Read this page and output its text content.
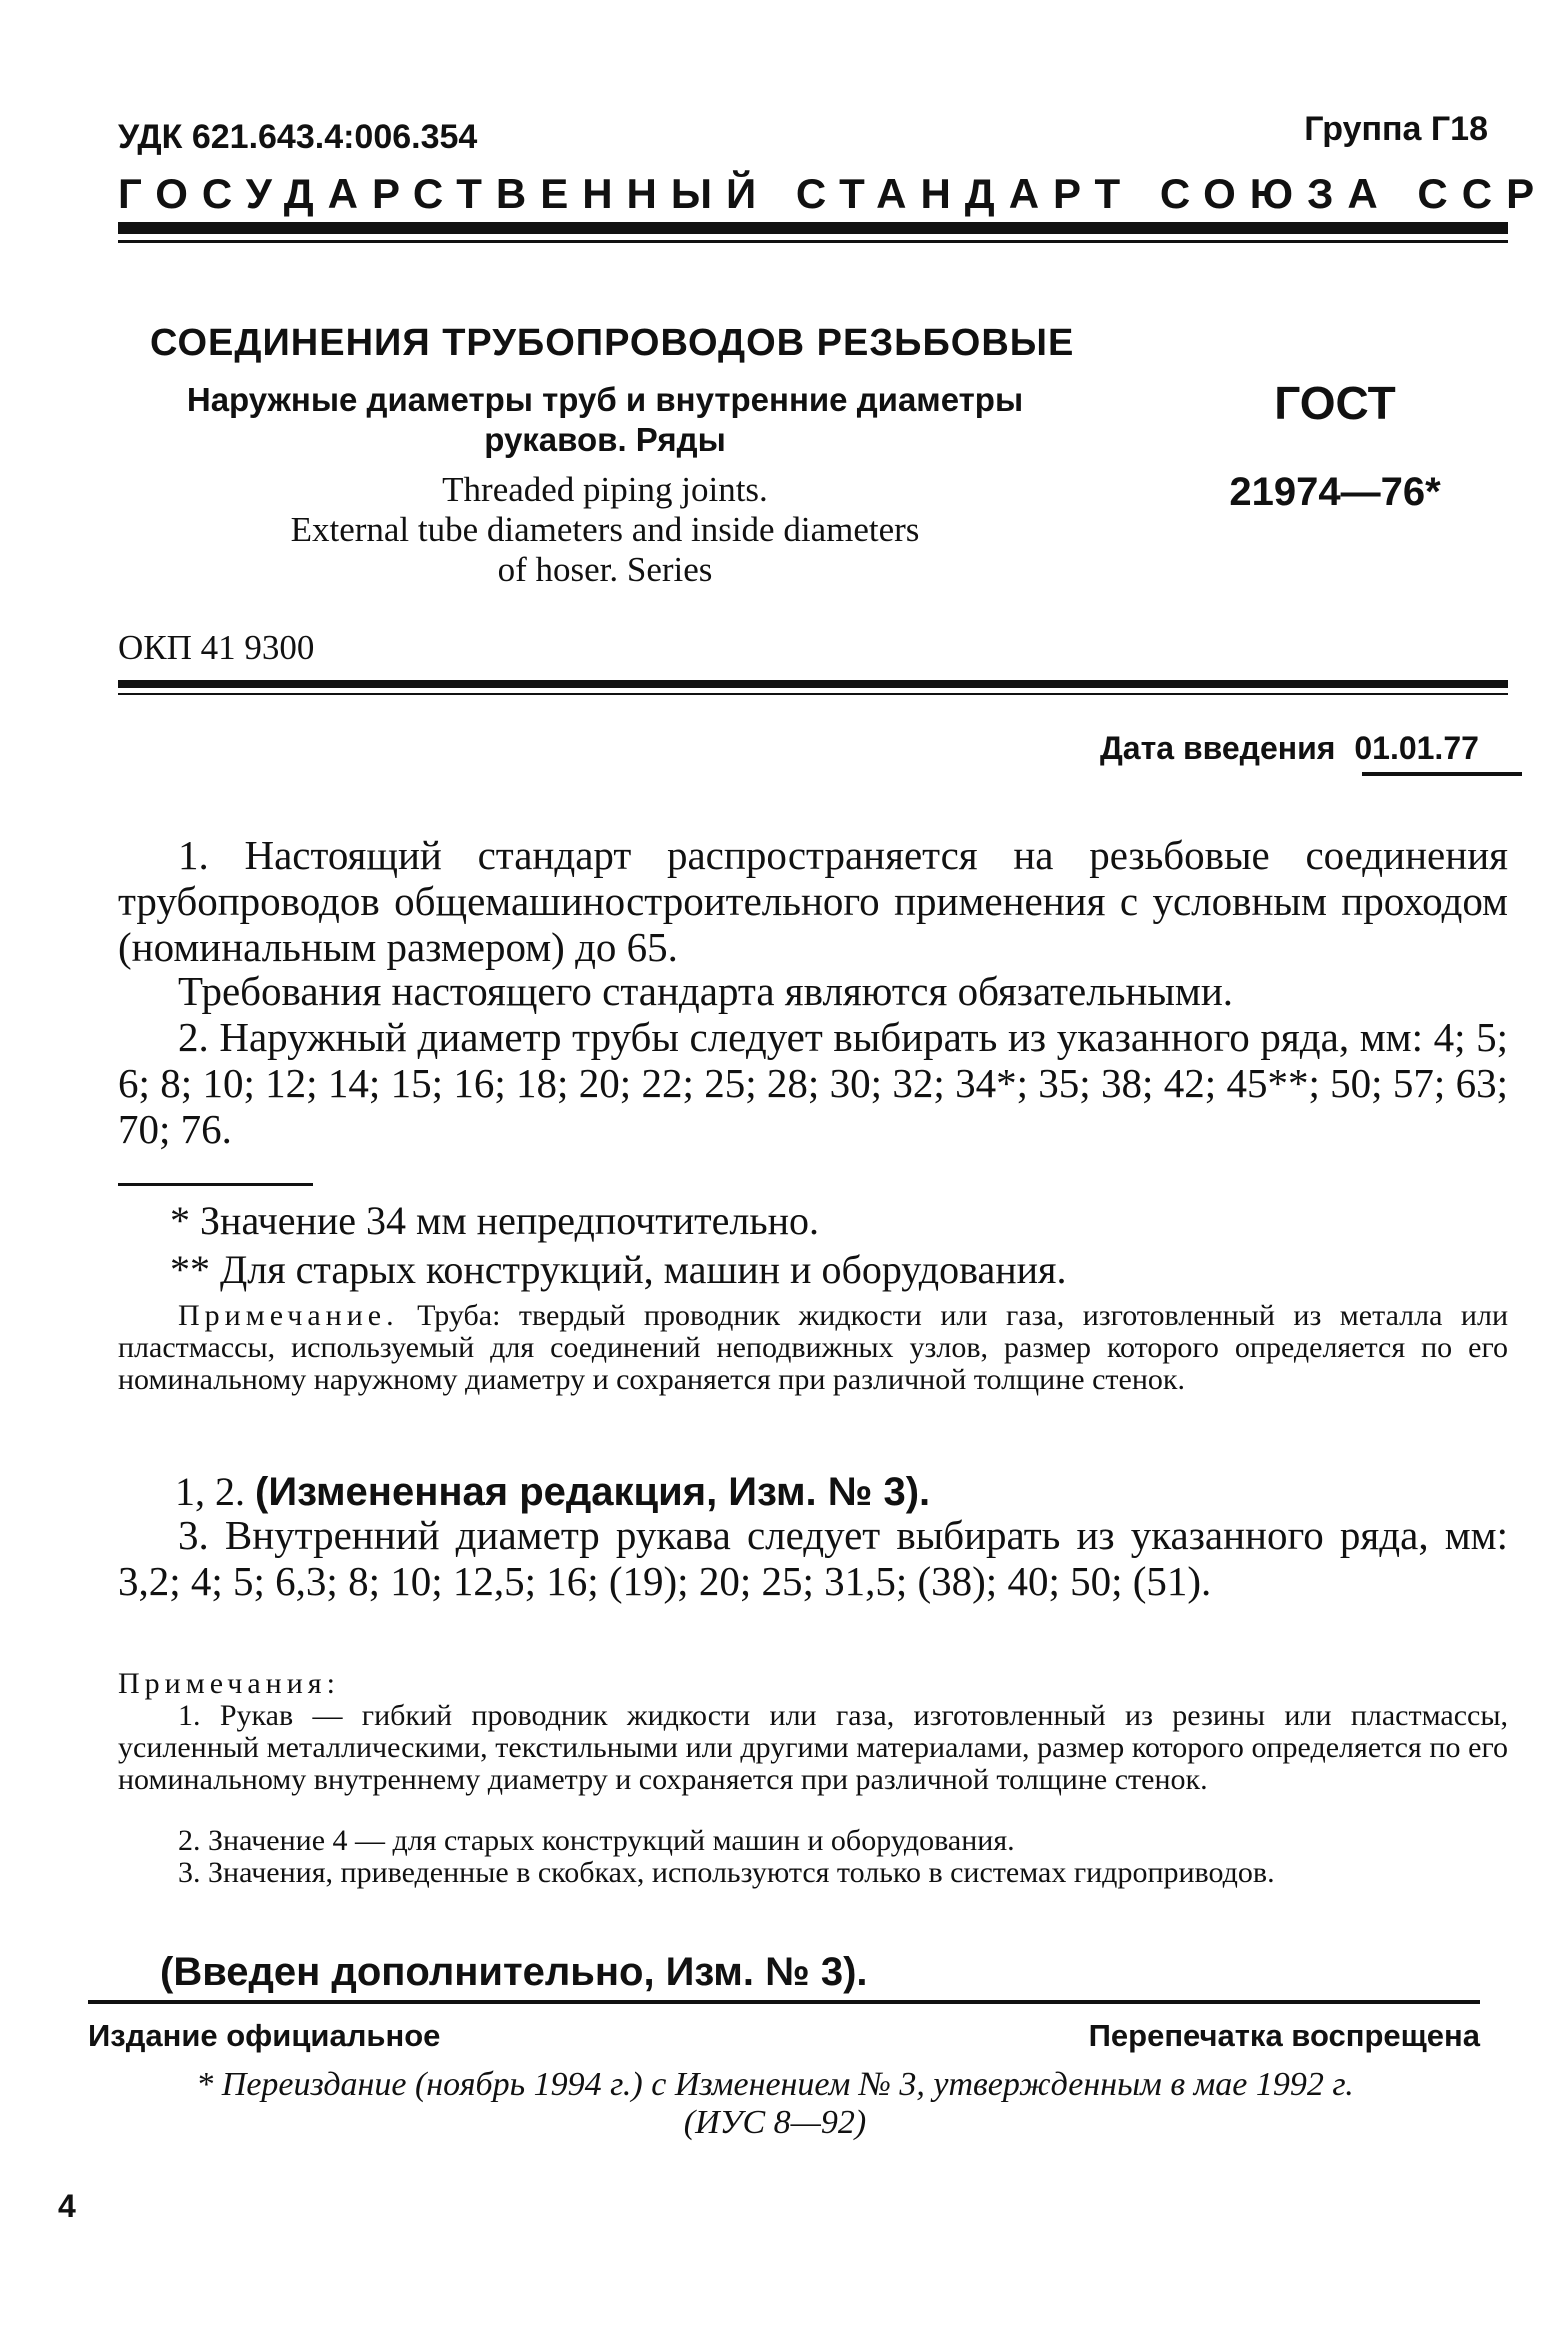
УДК 621.643.4:006.354	Группа Г18
ГОСУДАРСТВЕННЫЙ СТАНДАРТ СОЮЗА ССР
СОЕДИНЕНИЯ ТРУБОПРОВОДОВ РЕЗЬБОВЫЕ
Наружные диаметры труб и внутренние диаметры
рукавов. Ряды
Threaded piping joints.
External tube diameters and inside diameters
of hoser. Series
ГОСТ
21974—76*
ОКП 41 9300
Дата введения 01.01.77
1. Настоящий стандарт распространяется на резьбовые соединения трубопроводов общемашиностроительного применения с условным проходом (номинальным размером) до 65.
Требования настоящего стандарта являются обязательными.
2. Наружный диаметр трубы следует выбирать из указанного ряда, мм: 4; 5; 6; 8; 10; 12; 14; 15; 16; 18; 20; 22; 25; 28; 30; 32; 34*; 35; 38; 42; 45**; 50; 57; 63; 70; 76.
* Значение 34 мм непредпочтительно.
** Для старых конструкций, машин и оборудования.
Примечание. Труба: твердый проводник жидкости или газа, изготовленный из металла или пластмассы, используемый для соединений неподвижных узлов, размер которого определяется по его номинальному наружному диаметру и сохраняется при различной толщине стенок.
1, 2. (Измененная редакция, Изм. № 3).
3. Внутренний диаметр рукава следует выбирать из указанного ряда, мм: 3,2; 4; 5; 6,3; 8; 10; 12,5; 16; (19); 20; 25; 31,5; (38); 40; 50; (51).
Примечания:
1. Рукав — гибкий проводник жидкости или газа, изготовленный из резины или пластмассы, усиленный металлическими, текстильными или другими материалами, размер которого определяется по его номинальному внутреннему диаметру и сохраняется при различной толщине стенок.
2. Значение 4 — для старых конструкций машин и оборудования.
3. Значения, приведенные в скобках, используются только в системах гидроприводов.
(Введен дополнительно, Изм. № 3).
Издание официальное	Перепечатка воспрещена
* Переиздание (ноябрь 1994 г.) с Изменением № 3, утвержденным в мае 1992 г.
(ИУС 8—92)
4
